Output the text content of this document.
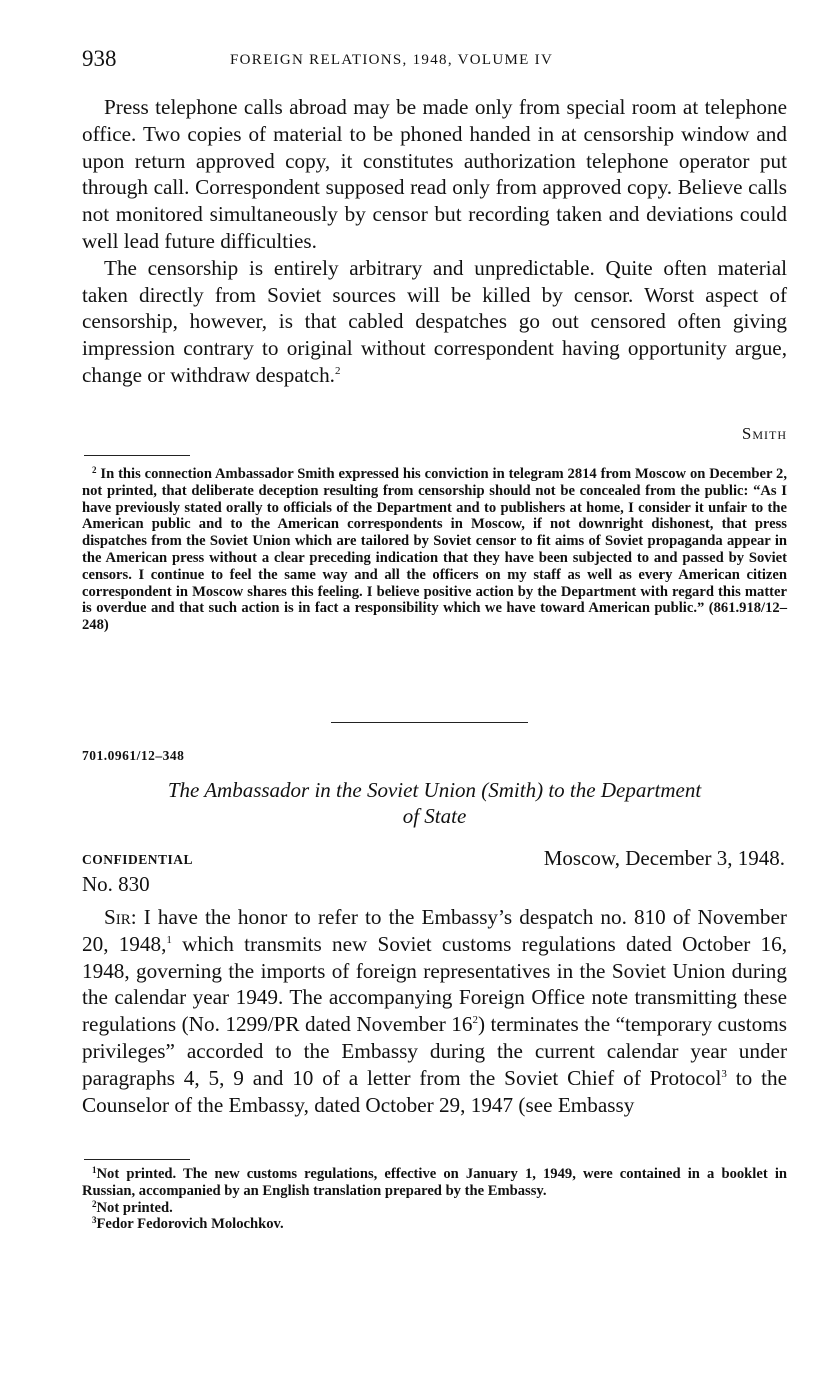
938	FOREIGN RELATIONS, 1948, VOLUME IV

Press telephone calls abroad may be made only from special room at telephone office. Two copies of material to be phoned handed in at censorship window and upon return approved copy, it constitutes authorization telephone operator put through call. Correspondent supposed read only from approved copy. Believe calls not monitored simultaneously by censor but recording taken and deviations could well lead future difficulties.

The censorship is entirely arbitrary and unpredictable. Quite often material taken directly from Soviet sources will be killed by censor. Worst aspect of censorship, however, is that cabled despatches go out censored often giving impression contrary to original without correspondent having opportunity argue, change or withdraw despatch.$^2$

Smith

$^2$ In this connection Ambassador Smith expressed his conviction in telegram 2814 from Moscow on December 2, not printed, that deliberate deception resulting from censorship should not be concealed from the public: “As I have previously stated orally to officials of the Department and to publishers at home, I consider it unfair to the American public and to the American correspondents in Moscow, if not downright dishonest, that press dispatches from the Soviet Union which are tailored by Soviet censor to fit aims of Soviet propaganda appear in the American press without a clear preceding indication that they have been subjected to and passed by Soviet censors. I continue to feel the same way and all the officers on my staff as well as every American citizen correspondent in Moscow shares this feeling. I believe positive action by the Department with regard this matter is overdue and that such action is in fact a responsibility which we have toward American public.” (861.918/12–248)

701.0961/12–348
The Ambassador in the Soviet Union (Smith) to the Department
of State
CONFIDENTIAL	Moscow, December 3, 1948.
No. 830

Sir: I have the honor to refer to the Embassy’s despatch no. 810 of November 20, 1948,$^1$ which transmits new Soviet customs regulations dated October 16, 1948, governing the imports of foreign representatives in the Soviet Union during the calendar year 1949. The accompanying Foreign Office note transmitting these regulations (No. 1299/PR dated November $16^2$) terminates the “temporary customs privileges” accorded to the Embassy during the current calendar year under paragraphs 4, 5, 9 and 10 of a letter from the Soviet Chief of Protocol$^3$ to the Counselor of the Embassy, dated October 29, 1947 (see Embassy

$^1$Not printed. The new customs regulations, effective on January 1, 1949, were contained in a booklet in Russian, accompanied by an English translation prepared by the Embassy.

$^2$Not printed.

$^3$Fedor Fedorovich Molochkov.
